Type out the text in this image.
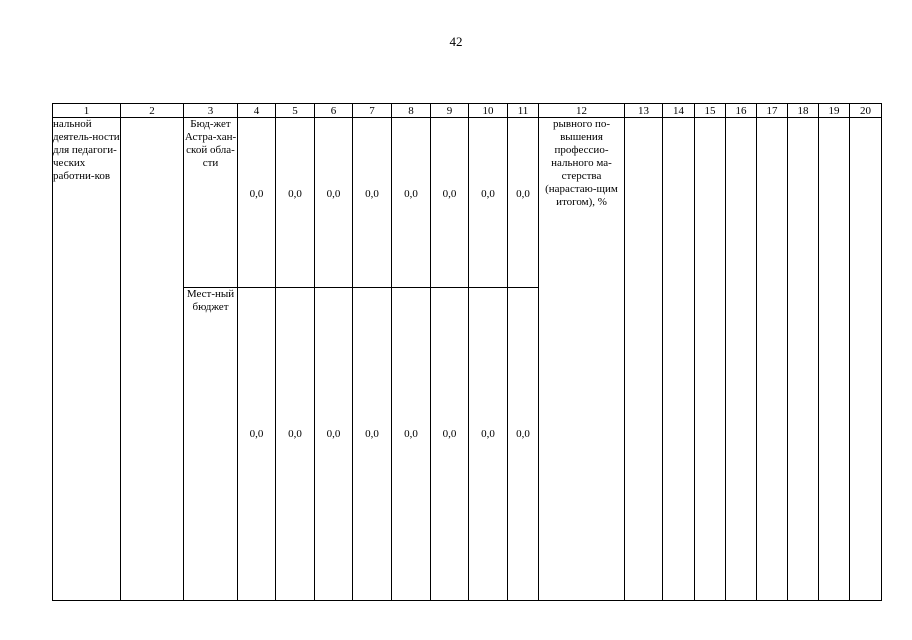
42
1	2	3	4	5	6	7	8	9	10	11	12	13	14	15	16	17	18	19	20
нальной деятель-ности для педагоги-ческих работни-ков		Бюд-жет Астра-хан-ской обла-сти	0,0	0,0	0,0	0,0	0,0	0,0	0,0	0,0	рывного по-вышения профессио-нального ма-стерства (нарастаю-щим итогом), %								
		Мест-ный бюджет	0,0	0,0	0,0	0,0	0,0	0,0	0,0	0,0									
